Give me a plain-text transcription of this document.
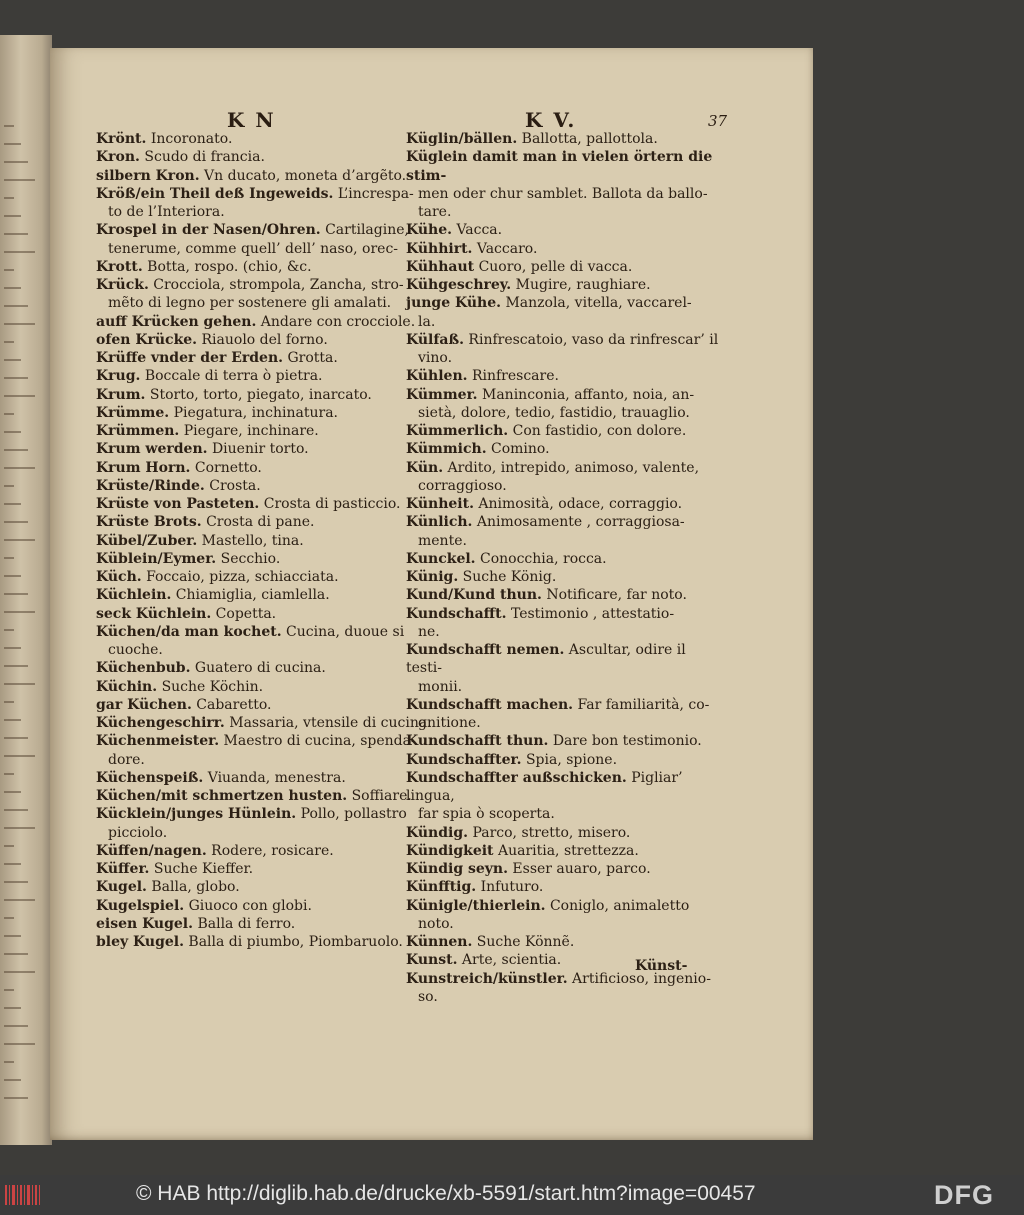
K N	K V.	37
Krönt. Incoronato.
Kron. Scudo di francia.
silbern Kron. Vn ducato, moneta d’argẽto.
Kröß/ein Theil deß Ingeweids. L’increspa-
to de l’Interiora.
Krospel in der Nasen/Ohren. Cartilagine,
tenerume, comme quell’ dell’ naso, orec-
Krott. Botta, rospo. (chio, &c.
Krück. Crocciola, strompola, Zancha, stro-
mẽto di legno per sostenere gli amalati.
auff Krücken gehen. Andare con crocciole.
ofen Krücke. Riauolo del forno.
Krüffe vnder der Erden. Grotta.
Krug. Boccale di terra ò pietra.
Krum. Storto, torto, piegato, inarcato.
Krümme. Piegatura, inchinatura.
Krümmen. Piegare, inchinare.
Krum werden. Diuenir torto.
Krum Horn. Cornetto.
Krüste/Rinde. Crosta.
Krüste von Pasteten. Crosta di pasticcio.
Krüste Brots. Crosta di pane.
Kübel/Zuber. Mastello, tina.
Küblein/Eymer. Secchio.
Küch. Foccaio, pizza, schiacciata.
Küchlein. Chiamiglia, ciamlella.
seck Küchlein. Copetta.
Küchen/da man kochet. Cucina, duoue si
cuoche.
Küchenbub. Guatero di cucina.
Küchin. Suche Köchin.
gar Küchen. Cabaretto.
Küchengeschirr. Massaria, vtensile di cucina.
Küchenmeister. Maestro di cucina, spenda-
dore.
Küchenspeiß. Viuanda, menestra.
Küchen/mit schmertzen husten. Soffiare.
Kücklein/junges Hünlein. Pollo, pollastro
picciolo.
Küffen/nagen. Rodere, rosicare.
Küffer. Suche Kieffer.
Kugel. Balla, globo.
Kugelspiel. Giuoco con globi.
eisen Kugel. Balla di ferro.
bley Kugel. Balla di piumbo, Piombaruolo.
Küglin/bällen. Ballotta, pallottola.
Küglein damit man in vielen örtern die stim-
men oder chur samblet. Ballota da ballo-
tare.
Kühe. Vacca.
Kühhirt. Vaccaro.
Kühhaut Cuoro, pelle di vacca.
Kühgeschrey. Mugire, raughiare.
junge Kühe. Manzola, vitella, vaccarel-
la.
Külfaß. Rinfrescatoio, vaso da rinfrescar’ il
vino.
Kühlen. Rinfrescare.
Kümmer. Maninconia, affanto, noia, an-
sietà, dolore, tedio, fastidio, trauaglio.
Kümmerlich. Con fastidio, con dolore.
Kümmich. Comino.
Kün. Ardito, intrepido, animoso, valente,
corraggioso.
Künheit. Animosità, odace, corraggio.
Künlich. Animosamente , corraggiosa-
mente.
Kunckel. Conocchia, rocca.
Künig. Suche König.
Kund/Kund thun. Notificare, far noto.
Kundschafft. Testimonio , attestatio-
ne.
Kundschafft nemen. Ascultar, odire il testi-
monii.
Kundschafft machen. Far familiarità, co-
gnitione.
Kundschafft thun. Dare bon testimonio.
Kundschaffter. Spia, spione.
Kundschaffter außschicken. Pigliar’ lingua,
far spia ò scoperta.
Kündig. Parco, stretto, misero.
Kündigkeit Auaritia, strettezza.
Kündig seyn. Esser auaro, parco.
Künfftig. Infuturo.
Künigle/thierlein. Coniglo, animaletto
noto.
Künnen. Suche Könnẽ.
Kunst. Arte, scientia.
Kunstreich/künstler. Artificioso, ingenio-
so.
Künst-
© HAB http://diglib.hab.de/drucke/xb-5591/start.htm?image=00457	DFG
